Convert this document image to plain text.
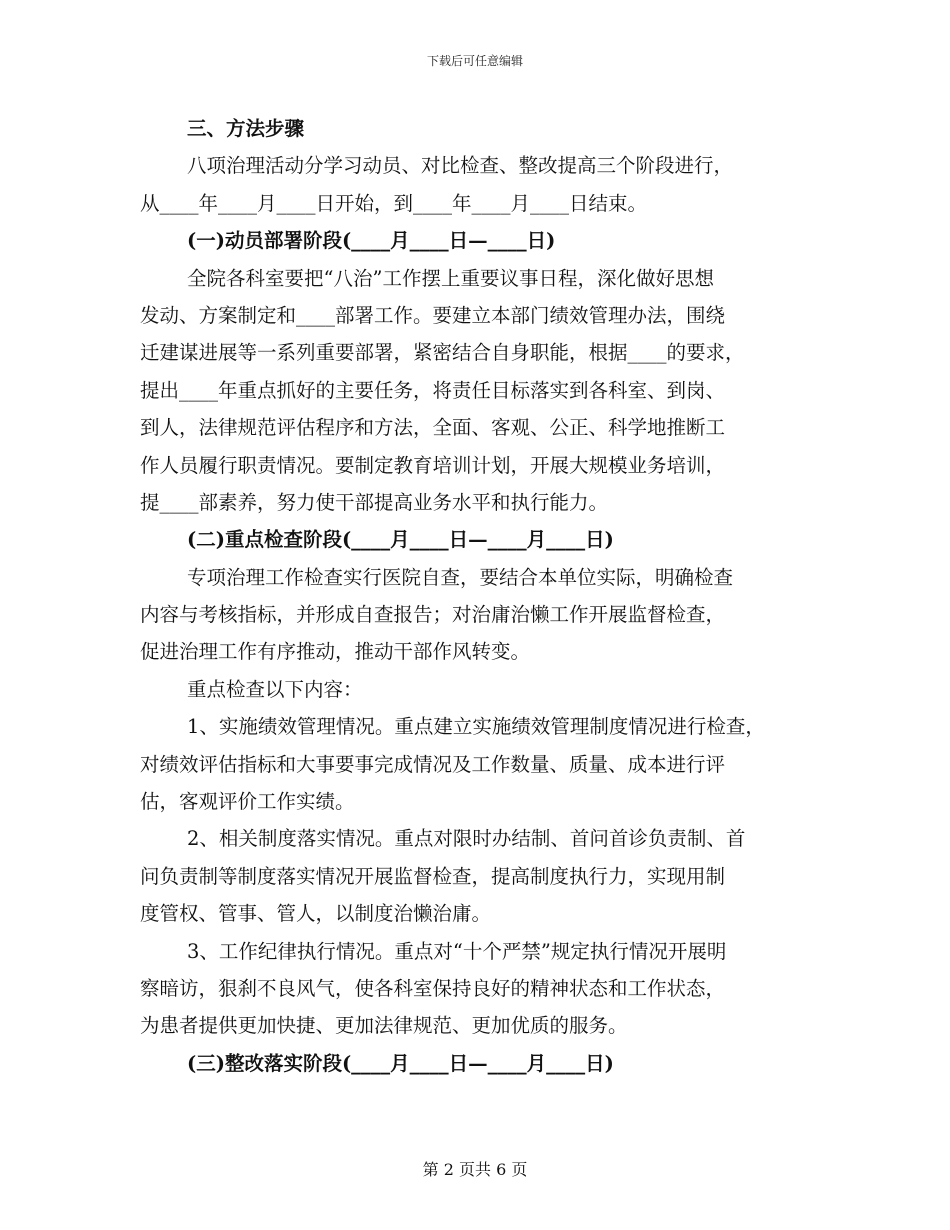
下载后可任意编辑
三、方法步骤
八项治理活动分学习动员、对比检查、整改提高三个阶段进行，
从____年____月____日开始，到____年____月____日结束。
(一)动员部署阶段(____月____日—____日)
全院各科室要把“八治”工作摆上重要议事日程，深化做好思想
发动、方案制定和____部署工作。要建立本部门绩效管理办法，围绕
迁建谋进展等一系列重要部署，紧密结合自身职能，根据____的要求，
提出____年重点抓好的主要任务，将责任目标落实到各科室、到岗、
到人，法律规范评估程序和方法，全面、客观、公正、科学地推断工
作人员履行职责情况。要制定教育培训计划，开展大规模业务培训，
提____部素养，努力使干部提高业务水平和执行能力。
(二)重点检查阶段(____月____日—____月____日)
专项治理工作检查实行医院自查，要结合本单位实际，明确检查
内容与考核指标，并形成自查报告；对治庸治懒工作开展监督检查，
促进治理工作有序推动，推动干部作风转变。
重点检查以下内容：
1、实施绩效管理情况。重点建立实施绩效管理制度情况进行检查，
对绩效评估指标和大事要事完成情况及工作数量、质量、成本进行评
估，客观评价工作实绩。
2、相关制度落实情况。重点对限时办结制、首问首诊负责制、首
问负责制等制度落实情况开展监督检查，提高制度执行力，实现用制
度管权、管事、管人，以制度治懒治庸。
3、工作纪律执行情况。重点对“十个严禁”规定执行情况开展明
察暗访，狠刹不良风气，使各科室保持良好的精神状态和工作状态，
为患者提供更加快捷、更加法律规范、更加优质的服务。
(三)整改落实阶段(____月____日—____月____日)
第 2 页共 6 页
